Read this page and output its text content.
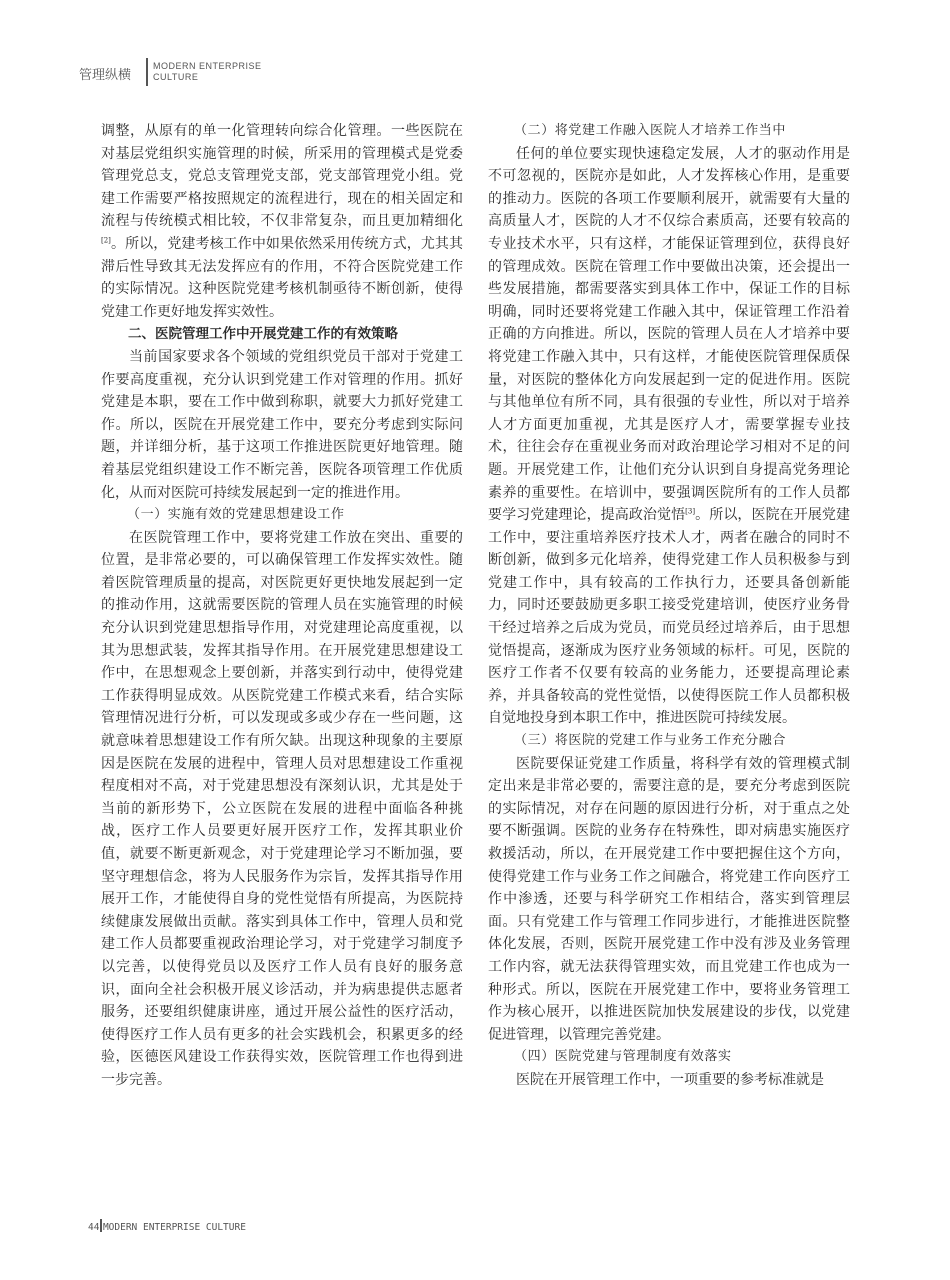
管理纵横
MODERN ENTERPRISE
CULTURE

调整，从原有的单一化管理转向综合化管理。一些医院在对基层党组织实施管理的时候，所采用的管理模式是党委管理党总支，党总支管理党支部，党支部管理党小组。党建工作需要严格按照规定的流程进行，现在的相关固定和流程与传统模式相比较，不仅非常复杂，而且更加精细化[2]。所以，党建考核工作中如果依然采用传统方式，尤其其滞后性导致其无法发挥应有的作用，不符合医院党建工作的实际情况。这种医院党建考核机制亟待不断创新，使得党建工作更好地发挥实效性。

二、医院管理工作中开展党建工作的有效策略

当前国家要求各个领域的党组织党员干部对于党建工作要高度重视，充分认识到党建工作对管理的作用。抓好党建是本职，要在工作中做到称职，就要大力抓好党建工作。所以，医院在开展党建工作中，要充分考虑到实际问题，并详细分析，基于这项工作推进医院更好地管理。随着基层党组织建设工作不断完善，医院各项管理工作优质化，从而对医院可持续发展起到一定的推进作用。

（一）实施有效的党建思想建设工作

在医院管理工作中，要将党建工作放在突出、重要的位置，是非常必要的，可以确保管理工作发挥实效性。随着医院管理质量的提高，对医院更好更快地发展起到一定的推动作用，这就需要医院的管理人员在实施管理的时候充分认识到党建思想指导作用，对党建理论高度重视，以其为思想武装，发挥其指导作用。在开展党建思想建设工作中，在思想观念上要创新，并落实到行动中，使得党建工作获得明显成效。从医院党建工作模式来看，结合实际管理情况进行分析，可以发现或多或少存在一些问题，这就意味着思想建设工作有所欠缺。出现这种现象的主要原因是医院在发展的进程中，管理人员对思想建设工作重视程度相对不高，对于党建思想没有深刻认识，尤其是处于当前的新形势下，公立医院在发展的进程中面临各种挑战，医疗工作人员要更好展开医疗工作，发挥其职业价值，就要不断更新观念，对于党建理论学习不断加强，要坚守理想信念，将为人民服务作为宗旨，发挥其指导作用展开工作，才能使得自身的党性觉悟有所提高，为医院持续健康发展做出贡献。落实到具体工作中，管理人员和党建工作人员都要重视政治理论学习，对于党建学习制度予以完善，以使得党员以及医疗工作人员有良好的服务意识，面向全社会积极开展义诊活动，并为病患提供志愿者服务，还要组织健康讲座，通过开展公益性的医疗活动，使得医疗工作人员有更多的社会实践机会，积累更多的经验，医德医风建设工作获得实效，医院管理工作也得到进一步完善。

（二）将党建工作融入医院人才培养工作当中

任何的单位要实现快速稳定发展，人才的驱动作用是不可忽视的，医院亦是如此，人才发挥核心作用，是重要的推动力。医院的各项工作要顺利展开，就需要有大量的高质量人才，医院的人才不仅综合素质高，还要有较高的专业技术水平，只有这样，才能保证管理到位，获得良好的管理成效。医院在管理工作中要做出决策，还会提出一些发展措施，都需要落实到具体工作中，保证工作的目标明确，同时还要将党建工作融入其中，保证管理工作沿着正确的方向推进。所以，医院的管理人员在人才培养中要将党建工作融入其中，只有这样，才能使医院管理保质保量，对医院的整体化方向发展起到一定的促进作用。医院与其他单位有所不同，具有很强的专业性，所以对于培养人才方面更加重视，尤其是医疗人才，需要掌握专业技术，往往会存在重视业务而对政治理论学习相对不足的问题。开展党建工作，让他们充分认识到自身提高党务理论素养的重要性。在培训中，要强调医院所有的工作人员都要学习党建理论，提高政治觉悟[3]。所以，医院在开展党建工作中，要注重培养医疗技术人才，两者在融合的同时不断创新，做到多元化培养，使得党建工作人员积极参与到党建工作中，具有较高的工作执行力，还要具备创新能力，同时还要鼓励更多职工接受党建培训，使医疗业务骨干经过培养之后成为党员，而党员经过培养后，由于思想觉悟提高，逐渐成为医疗业务领域的标杆。可见，医院的医疗工作者不仅要有较高的业务能力，还要提高理论素养，并具备较高的党性觉悟，以使得医院工作人员都积极自觉地投身到本职工作中，推进医院可持续发展。

（三）将医院的党建工作与业务工作充分融合

医院要保证党建工作质量，将科学有效的管理模式制定出来是非常必要的，需要注意的是，要充分考虑到医院的实际情况，对存在问题的原因进行分析，对于重点之处要不断强调。医院的业务存在特殊性，即对病患实施医疗救援活动，所以，在开展党建工作中要把握住这个方向，使得党建工作与业务工作之间融合，将党建工作向医疗工作中渗透，还要与科学研究工作相结合，落实到管理层面。只有党建工作与管理工作同步进行，才能推进医院整体化发展，否则，医院开展党建工作中没有涉及业务管理工作内容，就无法获得管理实效，而且党建工作也成为一种形式。所以，医院在开展党建工作中，要将业务管理工作为核心展开，以推进医院加快发展建设的步伐，以党建促进管理，以管理完善党建。

（四）医院党建与管理制度有效落实

医院在开展管理工作中，一项重要的参考标准就是

44 MODERN ENTERPRISE CULTURE
